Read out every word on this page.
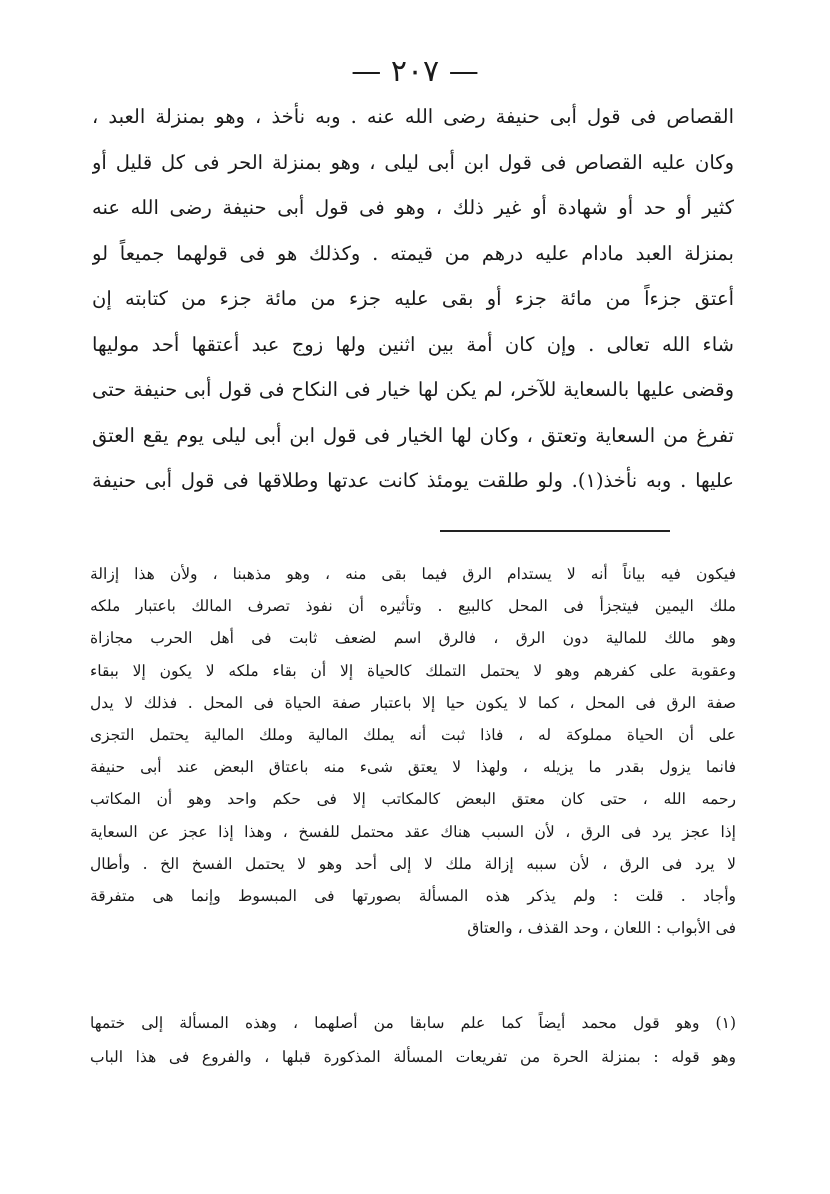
— ٢٠٧ —
القصاص فى قول أبى حنيفة رضى الله عنه . وبه نأخذ ، وهو بمنزلة العبد ،
وكان عليه القصاص فى قول ابن أبى ليلى ، وهو بمنزلة الحر فى كل قليل أو
كثير أو حد أو شهادة أو غير ذلك ، وهو فى قول أبى حنيفة رضى الله عنه
بمنزلة العبد مادام عليه درهم من قيمته . وكذلك هو فى قولهما جميعاً لو
أعتق جزءاً من مائة جزء أو بقى عليه جزء من مائة جزء من كتابته إن
شاء الله تعالى . وإن كان أمة بين اثنين ولها زوج عبد أعتقها أحد موليها
وقضى عليها بالسعاية للآخر، لم يكن لها خيار فى النكاح فى قول أبى حنيفة حتى
تفرغ من السعاية وتعتق ، وكان لها الخيار فى قول ابن أبى ليلى يوم يقع العتق
عليها . وبه نأخذ(١). ولو طلقت يومئذ كانت عدتها وطلاقها فى قول أبى حنيفة
فيكون فيه بياناً أنه لا يستدام الرق فيما بقى منه ، وهو مذهبنا ، ولأن هذا إزالة
ملك اليمين فيتجزأ فى المحل كالبيع . وتأثيره أن نفوذ تصرف المالك باعتبار ملكه
وهو مالك للمالية دون الرق ، فالرق اسم لضعف ثابت فى أهل الحرب مجازاة
وعقوبة على كفرهم وهو لا يحتمل التملك كالحياة إلا أن بقاء ملكه لا يكون إلا ببقاء
صفة الرق فى المحل ، كما لا يكون حيا إلا باعتبار صفة الحياة فى المحل . فذلك لا يدل
على أن الحياة مملوكة له ، فاذا ثبت أنه يملك المالية وملك المالية يحتمل التجزى
فانما يزول بقدر ما يزيله ، ولهذا لا يعتق شىء منه باعتاق البعض عند أبى حنيفة
رحمه الله ، حتى كان معتق البعض كالمكاتب إلا فى حكم واحد وهو أن المكاتب
إذا عجز يرد فى الرق ، لأن السبب هناك عقد محتمل للفسخ ، وهذا إذا عجز عن السعاية
لا يرد فى الرق ، لأن سببه إزالة ملك لا إلى أحد وهو لا يحتمل الفسخ الخ . وأطال
وأجاد . قلت : ولم يذكر هذه المسألة بصورتها فى المبسوط وإنما هى متفرقة
فى الأبواب : اللعان ، وحد القذف ، والعتاق
(١) وهو قول محمد أيضاً كما علم سابقا من أصلهما ، وهذه المسألة إلى ختمها
وهو قوله : بمنزلة الحرة من تفريعات المسألة المذكورة قبلها ، والفروع فى هذا الباب
